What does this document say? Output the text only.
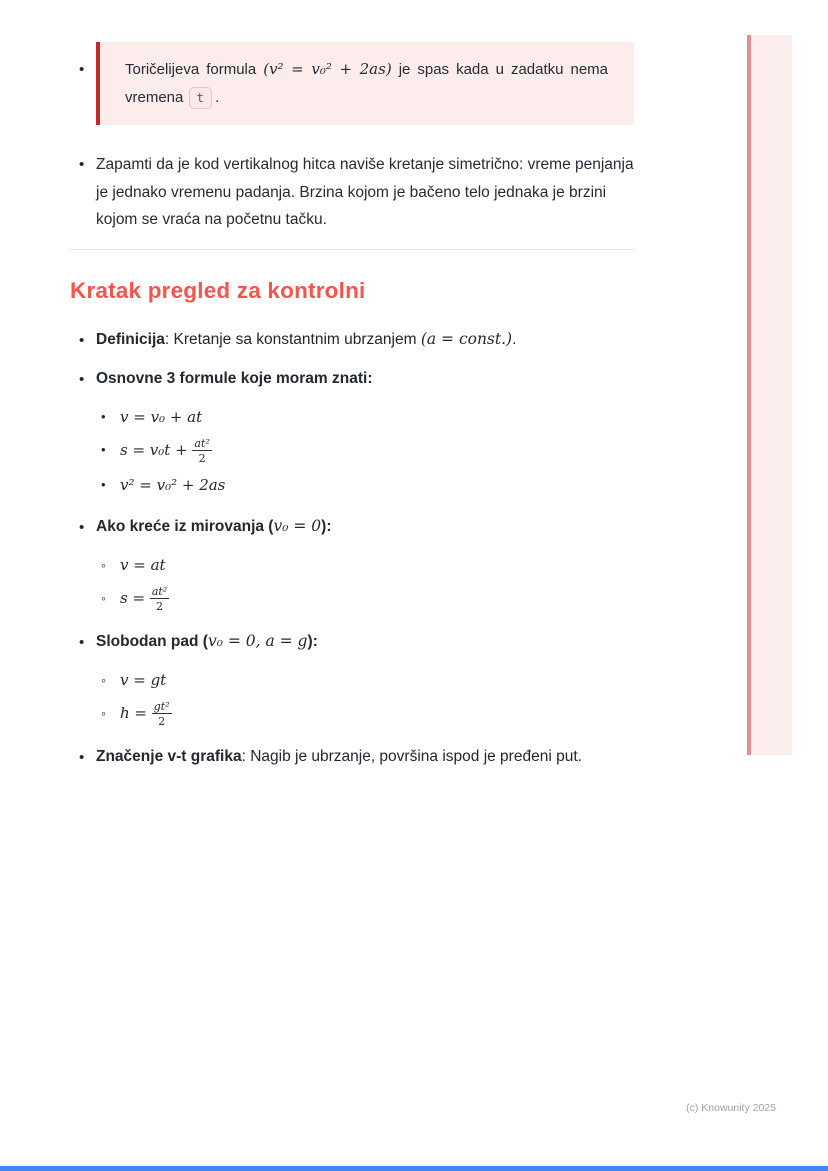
•	Toričelijeva formula (v² = v₀² + 2as) je spas kada u zadatku nema vremena t .

• Zapamti da je kod vertikalnog hitca naviše kretanje simetrično: vreme penjanja je jednako vremenu padanja. Brzina kojom je bačeno telo jednaka je brzini kojom se vraća na početnu tačku.

Kratak pregled za kontrolni
• Definicija: Kretanje sa konstantnim ubrzanjem (a = const.).

• Osnovne 3 formule koje moram znati:

• v = v₀ + at

• $s = v_0t + \frac{\text{at²}}{2}$

• v² = v₀² + 2as

• Ako kreće iz mirovanja (v₀ = 0):

◦ v = at

◦ $s = \frac{\text{at²}}{2}$

• Slobodan pad (v₀ = 0, a = g):

◦ v = gt

◦ $h = \frac{\text{gt²}}{2}$

• Značenje v-t grafika: Nagib je ubrzanje, površina ispod je pređeni put.

(c) Knowunity 2025
